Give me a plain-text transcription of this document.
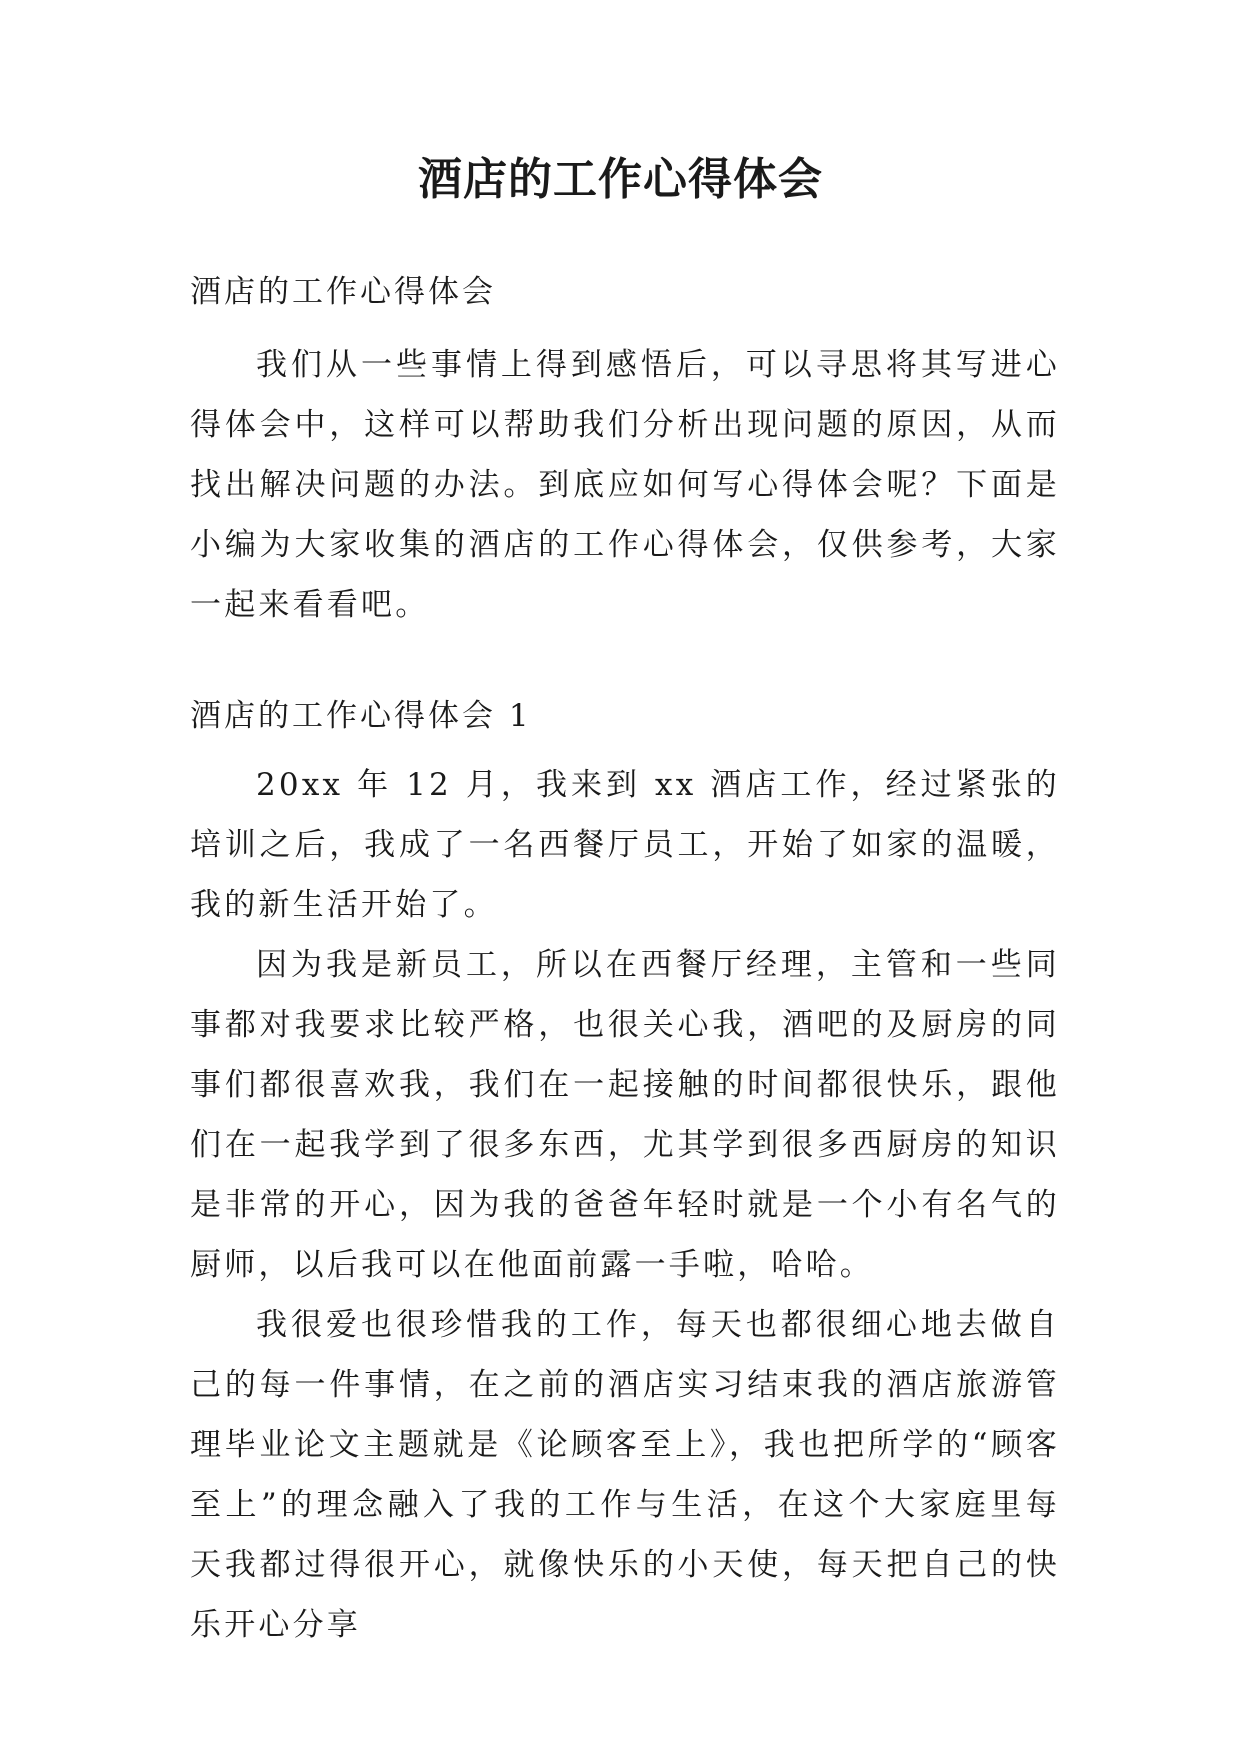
酒店的工作心得体会
酒店的工作心得体会

我们从一些事情上得到感悟后，可以寻思将其写进心得体会中，这样可以帮助我们分析出现问题的原因，从而找出解决问题的办法。到底应如何写心得体会呢？下面是小编为大家收集的酒店的工作心得体会，仅供参考，大家一起来看看吧。

酒店的工作心得体会 1

20xx 年 12 月，我来到 xx 酒店工作，经过紧张的培训之后，我成了一名西餐厅员工，开始了如家的温暖，我的新生活开始了。

因为我是新员工，所以在西餐厅经理，主管和一些同事都对我要求比较严格，也很关心我，酒吧的及厨房的同事们都很喜欢我，我们在一起接触的时间都很快乐，跟他们在一起我学到了很多东西，尤其学到很多西厨房的知识是非常的开心，因为我的爸爸年轻时就是一个小有名气的厨师，以后我可以在他面前露一手啦，哈哈。

我很爱也很珍惜我的工作，每天也都很细心地去做自己的每一件事情，在之前的酒店实习结束我的酒店旅游管理毕业论文主题就是《论顾客至上》，我也把所学的“顾客至上”的理念融入了我的工作与生活，在这个大家庭里每天我都过得很开心，就像快乐的小天使，每天把自己的快乐开心分享
